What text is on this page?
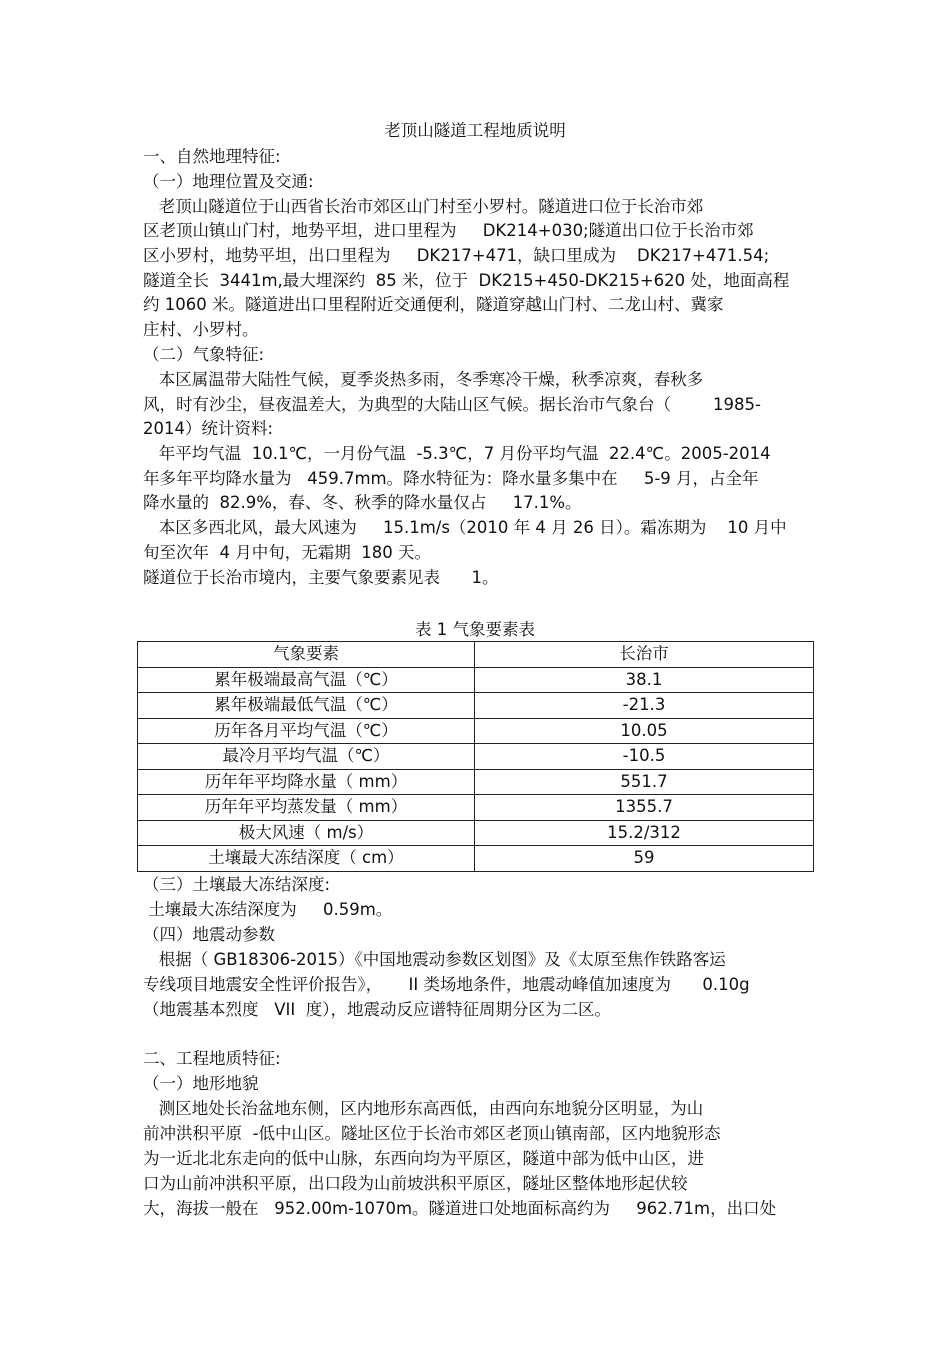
老顶山隧道工程地质说明
一、自然地理特征:
（一）地理位置及交通:
老顶山隧道位于山西省长治市郊区山门村至小罗村。隧道进口位于长治市郊
区老顶山镇山门村，地势平坦，进口里程为     DK214+030;隧道出口位于长治市郊
区小罗村，地势平坦，出口里程为     DK217+471，缺口里成为    DK217+471.54;
隧道全长  3441m,最大埋深约  85 米，位于  DK215+450-DK215+620 处，地面高程
约 1060 米。隧道进出口里程附近交通便利，隧道穿越山门村、二龙山村、冀家
庄村、小罗村。
（二）气象特征:
本区属温带大陆性气候，夏季炎热多雨，冬季寒冷干燥，秋季凉爽，春秋多
风，时有沙尘，昼夜温差大，为典型的大陆山区气候。据长治市气象台（        1985-
2014）统计资料:
年平均气温  10.1℃，一月份气温  -5.3℃，7 月份平均气温  22.4℃。2005-2014
年多年平均降水量为   459.7mm。降水特征为：降水量多集中在     5-9 月，占全年
降水量的  82.9%，春、冬、秋季的降水量仅占     17.1%。
本区多西北风，最大风速为     15.1m/s（2010 年 4 月 26 日）。霜冻期为    10 月中
旬至次年  4 月中旬，无霜期  180 天。
隧道位于长治市境内，主要气象要素见表      1。
表 1 气象要素表
气象要素	长治市
累年极端最高气温（℃）	38.1
累年极端最低气温（℃）	-21.3
历年各月平均气温（℃）	10.05
最冷月平均气温（℃）	-10.5
历年年平均降水量（ mm）	551.7
历年年平均蒸发量（ mm）	1355.7
极大风速（ m/s）	15.2/312
土壤最大冻结深度（ cm）	59
（三）土壤最大冻结深度:
土壤最大冻结深度为     0.59m。
（四）地震动参数
根据（ GB18306-2015）《中国地震动参数区划图》及《太原至焦作铁路客运
专线项目地震安全性评价报告》，     II 类场地条件，地震动峰值加速度为      0.10g
（地震基本烈度   VII  度），地震动反应谱特征周期分区为二区。
二、工程地质特征:
（一）地形地貌
测区地处长治盆地东侧，区内地形东高西低，由西向东地貌分区明显，为山
前冲洪积平原  -低中山区。隧址区位于长治市郊区老顶山镇南部，区内地貌形态
为一近北北东走向的低中山脉，东西向均为平原区，隧道中部为低中山区，进
口为山前冲洪积平原，出口段为山前坡洪积平原区，隧址区整体地形起伏较
大，海拔一般在   952.00m-1070m。隧道进口处地面标高约为     962.71m，出口处
